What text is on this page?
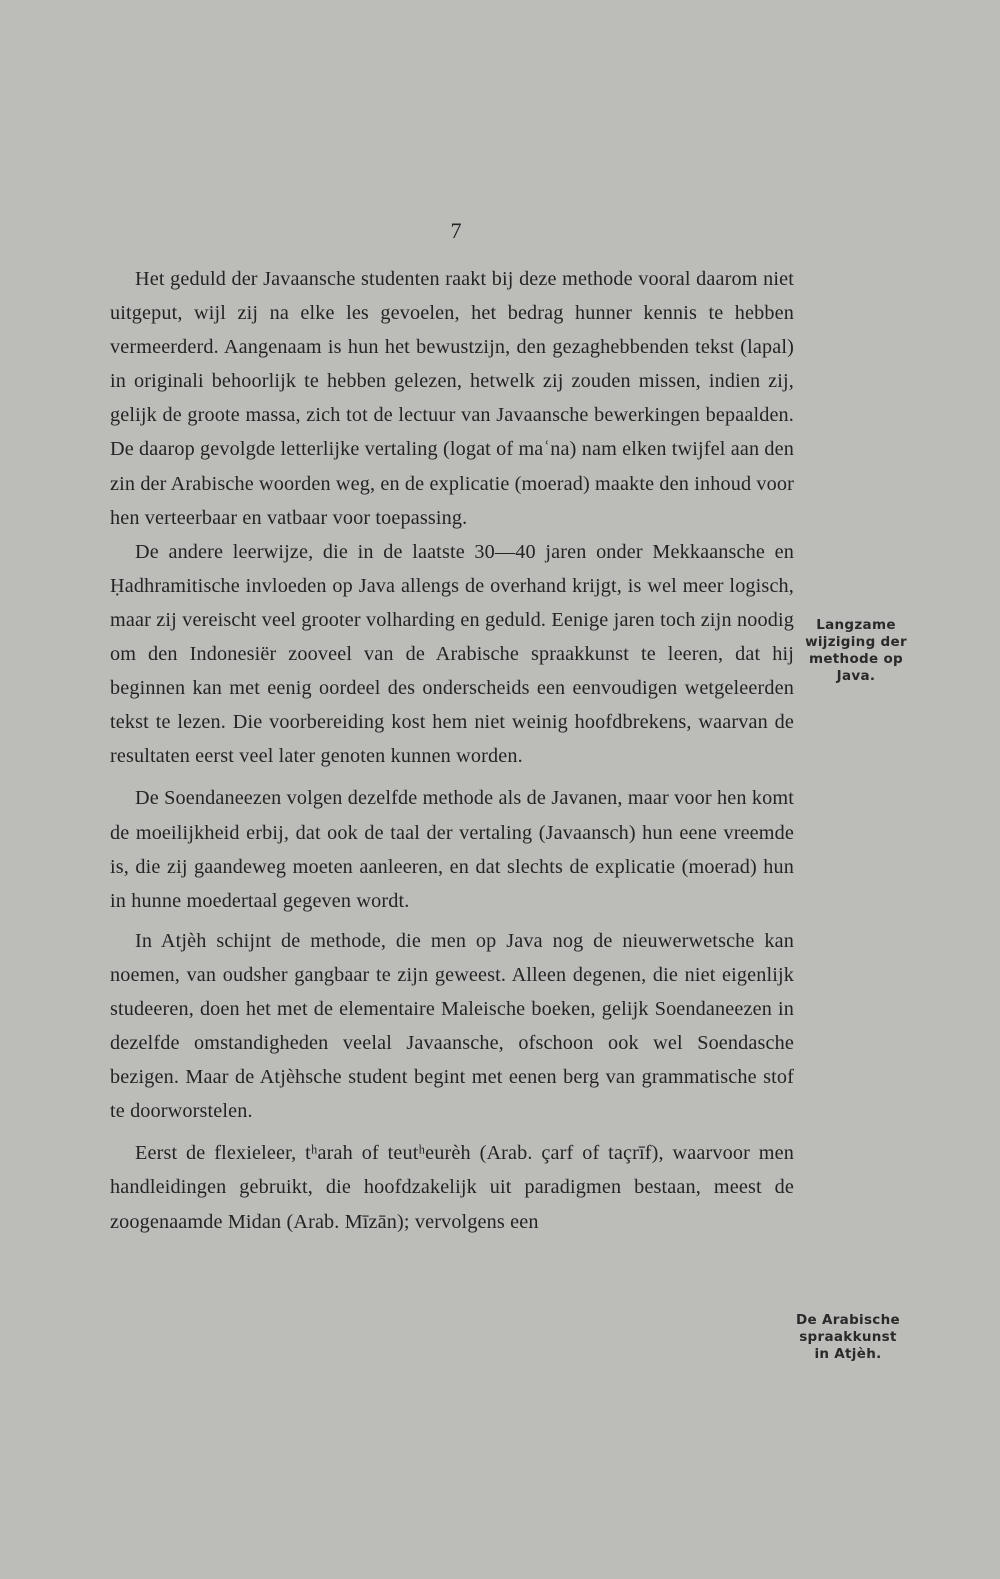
7

Het geduld der Javaansche studenten raakt bij deze methode vooral daarom niet uitgeput, wijl zij na elke les gevoelen, het bedrag hunner kennis te hebben vermeerderd. Aangenaam is hun het bewustzijn, den gezaghebbenden tekst (lapal) in originali behoorlijk te hebben gelezen, hetwelk zij zouden missen, indien zij, gelijk de groote massa, zich tot de lectuur van Javaansche bewerkingen bepaalden. De daarop gevolgde letterlijke vertaling (logat of maʿna) nam elken twijfel aan den zin der Arabische woorden weg, en de explicatie (moerad) maakte den inhoud voor hen verteerbaar en vatbaar voor toepassing.

De andere leerwijze, die in de laatste 30—40 jaren onder Mekkaansche en Ḥadhramitische invloeden op Java allengs de overhand krijgt, is wel meer logisch, maar zij vereischt veel grooter volharding en geduld. Eenige jaren toch zijn noodig om den Indonesiër zooveel van de Arabische spraakkunst te leeren, dat hij beginnen kan met eenig oordeel des onderscheids een eenvoudigen wetgeleerden tekst te lezen. Die voorbereiding kost hem niet weinig hoofdbrekens, waarvan de resultaten eerst veel later genoten kunnen worden.

De Soendaneezen volgen dezelfde methode als de Javanen, maar voor hen komt de moeilijkheid erbij, dat ook de taal der vertaling (Javaansch) hun eene vreemde is, die zij gaandeweg moeten aanleeren, en dat slechts de explicatie (moerad) hun in hunne moedertaal gegeven wordt.

In Atjèh schijnt de methode, die men op Java nog de nieuwerwetsche kan noemen, van oudsher gangbaar te zijn geweest. Alleen degenen, die niet eigenlijk studeeren, doen het met de elementaire Maleische boeken, gelijk Soendaneezen in dezelfde omstandigheden veelal Javaansche, ofschoon ook wel Soendasche bezigen. Maar de Atjèhsche student begint met eenen berg van grammatische stof te doorworstelen.

Eerst de flexieleer, tʰarah of teutʰeurèh (Arab. çarf of taçrīf), waarvoor men handleidingen gebruikt, die hoofdzakelijk uit paradigmen bestaan, meest de zoogenaamde Midan (Arab. Mīzān); vervolgens een

Langzame
wijziging der
methode op
Java.
De Arabische
spraakkunst
in Atjèh.
